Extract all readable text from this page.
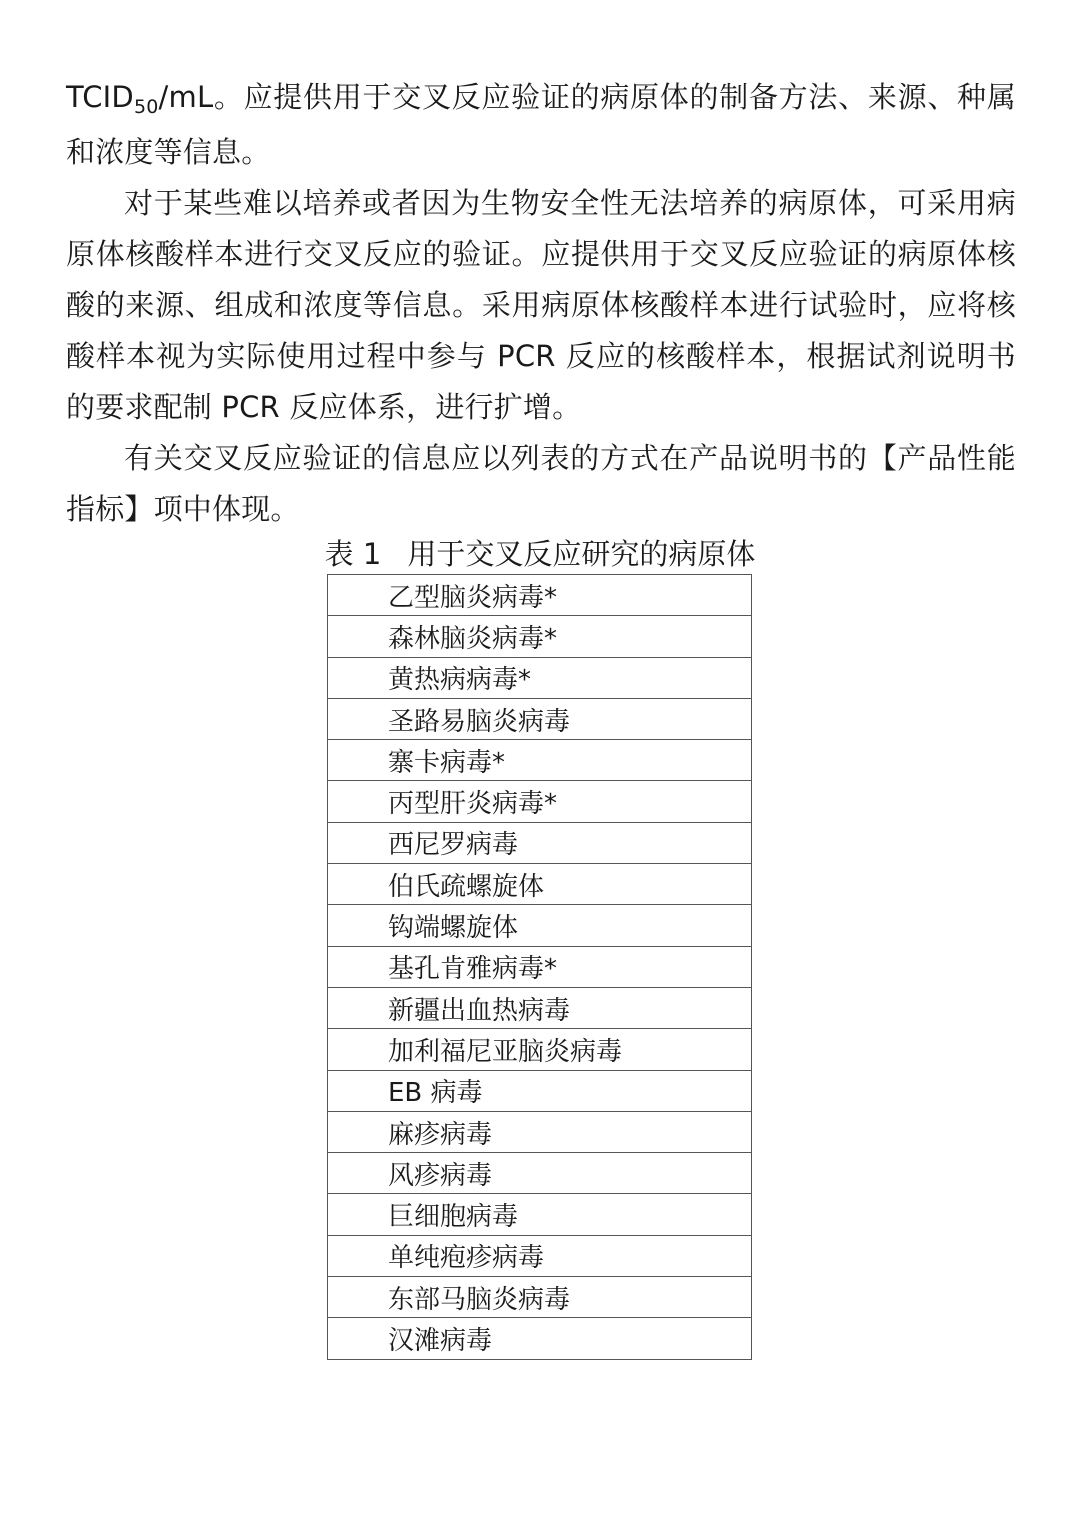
$TCID_{50}/mL$。应提供用于交叉反应验证的病原体的制备方法、来源、种属和浓度等信息。

对于某些难以培养或者因为生物安全性无法培养的病原体，可采用病原体核酸样本进行交叉反应的验证。应提供用于交叉反应验证的病原体核酸的来源、组成和浓度等信息。采用病原体核酸样本进行试验时，应将核酸样本视为实际使用过程中参与 PCR 反应的核酸样本，根据试剂说明书的要求配制 PCR 反应体系，进行扩增。

有关交叉反应验证的信息应以列表的方式在产品说明书的【产品性能指标】项中体现。

表 1 用于交叉反应研究的病原体
乙型脑炎病毒*
森林脑炎病毒*
黄热病病毒*
圣路易脑炎病毒
寨卡病毒*
丙型肝炎病毒*
西尼罗病毒
伯氏疏螺旋体
钩端螺旋体
基孔肯雅病毒*
新疆出血热病毒
加利福尼亚脑炎病毒
EB 病毒
麻疹病毒
风疹病毒
巨细胞病毒
单纯疱疹病毒
东部马脑炎病毒
汉滩病毒
